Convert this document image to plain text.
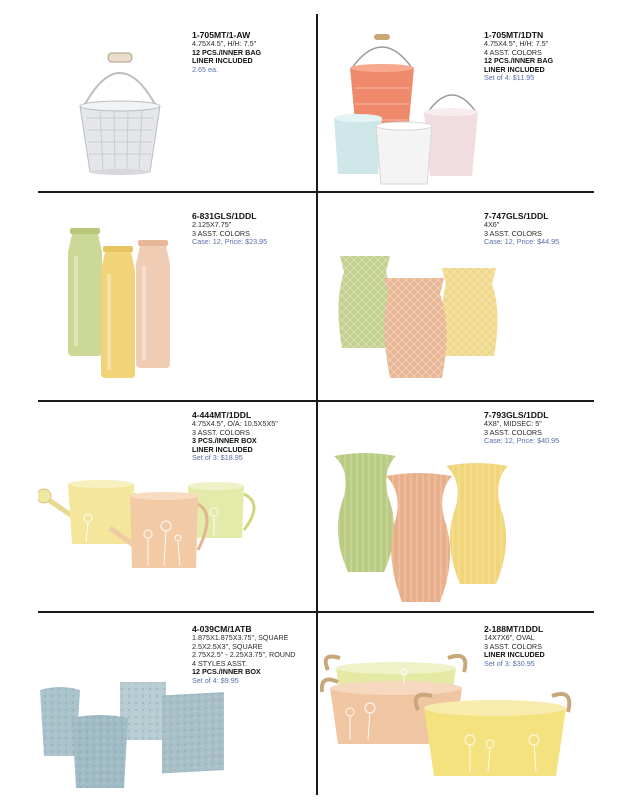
1-705MT/1-AW
4.75X4.5", H/H: 7.5"
12 PCS./INNER BAG
LINER INCLUDED
2.65 ea.
1-705MT/1DTN
4.75X4.5", H/H: 7.5"
4 ASST. COLORS
12 PCS./INNER BAG
LINER INCLUDED
Set of 4: $11.95
6-831GLS/1DDL
2.125X7.75"
3 ASST. COLORS
Case: 12, Price: $23.95
7-747GLS/1DDL
4X6"
3 ASST. COLORS
Case: 12, Price: $44.95
4-444MT/1DDL
4.75X4.5", O/A: 10.5X5X5"
3 ASST. COLORS
3 PCS./INNER BOX
LINER INCLUDED
Set of 3: $18.95
7-793GLS/1DDL
4X8", MIDSEC: 5"
3 ASST. COLORS
Case: 12, Price: $40.95
4-039CM/1ATB
1.875X1.875X3.75", SQUARE
2.5X2.5X3", SQUARE
2.75X2.5" - 2.25X3.75", ROUND
4 STYLES ASST.
12 PCS./INNER BOX
Set of 4: $9.95
2-188MT/1DDL
14X7X6", OVAL
3 ASST. COLORS
LINER INCLUDED
Set of 3: $30.95
